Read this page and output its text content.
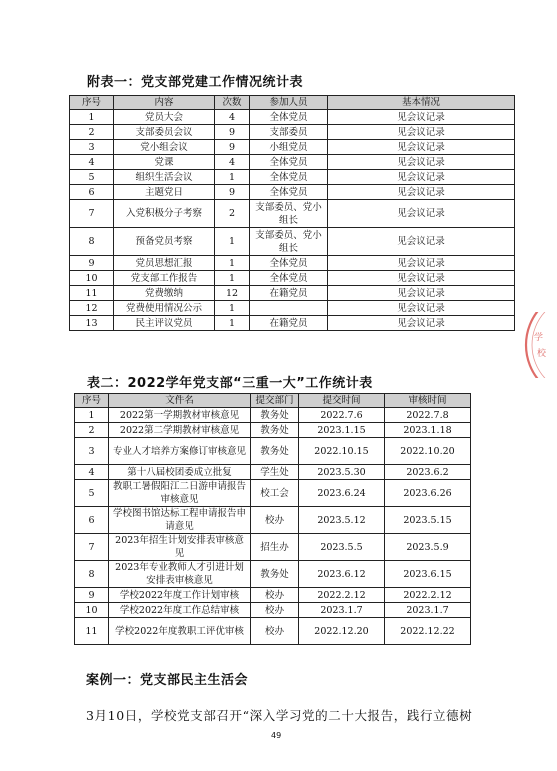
附表一：党支部党建工作情况统计表
序号	内容	次数	参加人员	基本情况
1	党员大会	4	全体党员	见会议记录
2	支部委员会议	9	支部委员	见会议记录
3	党小组会议	9	小组党员	见会议记录
4	党课	4	全体党员	见会议记录
5	组织生活会议	1	全体党员	见会议记录
6	主题党日	9	全体党员	见会议记录
7	入党积极分子考察	2	支部委员、党小组长	见会议记录
8	预备党员考察	1	支部委员、党小组长	见会议记录
9	党员思想汇报	1	全体党员	见会议记录
10	党支部工作报告	1	全体党员	见会议记录
11	党费缴纳	12	在籍党员	见会议记录
12	党费使用情况公示	1		见会议记录
13	民主评议党员	1	在籍党员	见会议记录
表二：2022学年党支部“三重一大”工作统计表
序号	文件名	提交部门	提交时间	审核时间
1	2022第一学期教材审核意见	教务处	2022.7.6	2022.7.8
2	2022第二学期教材审核意见	教务处	2023.1.15	2023.1.18
3	专业人才培养方案修订审核意见	教务处	2022.10.15	2022.10.20
4	第十八届校团委成立批复	学生处	2023.5.30	2023.6.2
5	教职工暑假阳江二日游申请报告审核意见	校工会	2023.6.24	2023.6.26
6	学校图书馆达标工程申请报告申请意见	校办	2023.5.12	2023.5.15
7	2023年招生计划安排表审核意见	招生办	2023.5.5	2023.5.9
8	2023年专业教师人才引进计划安排表审核意见	教务处	2023.6.12	2023.6.15
9	学校2022年度工作计划审核	校办	2022.2.12	2022.2.12
10	学校2022年度工作总结审核	校办	2023.1.7	2023.1.7
11	学校2022年度教职工评优审核	校办	2022.12.20	2022.12.22
案例一：党支部民主生活会
3月10日，学校党支部召开“深入学习党的二十大报告，践行立德树
49
学
校
